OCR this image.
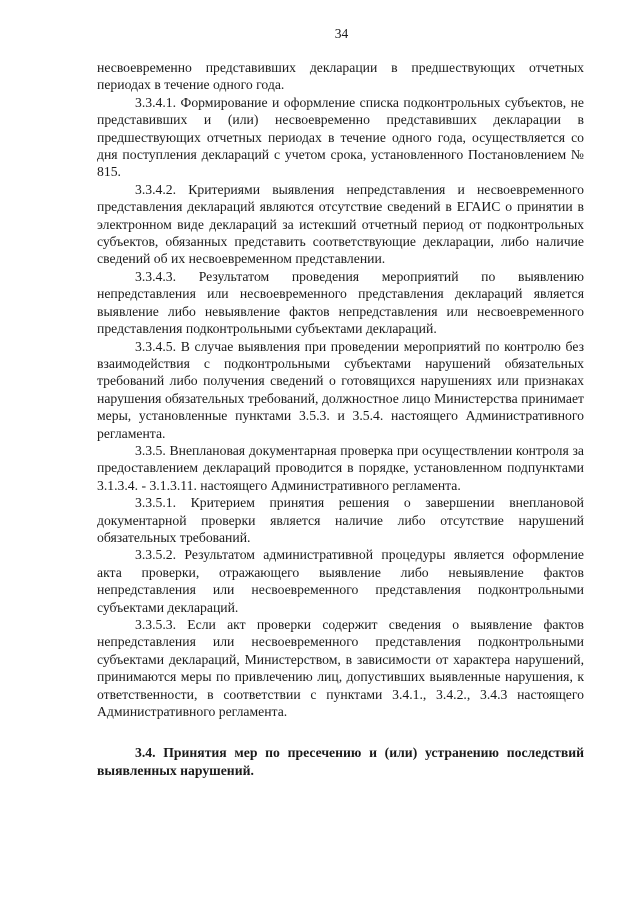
34

несвоевременно представивших декларации в предшествующих отчетных периодах в течение одного года.

3.3.4.1. Формирование и оформление списка подконтрольных субъектов, не представивших и (или) несвоевременно представивших декларации в предшествующих отчетных периодах в течение одного года, осуществляется со дня поступления деклараций с учетом срока, установленного Постановлением № 815.

3.3.4.2. Критериями выявления непредставления и несвоевременного представления деклараций являются отсутствие сведений в ЕГАИС о принятии в электронном виде деклараций за истекший отчетный период от подконтрольных субъектов, обязанных представить соответствующие декларации, либо наличие сведений об их несвоевременном представлении.

3.3.4.3. Результатом проведения мероприятий по выявлению непредставления или несвоевременного представления деклараций является выявление либо невыявление фактов непредставления или несвоевременного представления подконтрольными субъектами деклараций.

3.3.4.5. В случае выявления при проведении мероприятий по контролю без взаимодействия с подконтрольными субъектами нарушений обязательных требований либо получения сведений о готовящихся нарушениях или признаках нарушения обязательных требований, должностное лицо Министерства принимает меры, установленные пунктами 3.5.3. и 3.5.4. настоящего Административного регламента.

3.3.5. Внеплановая документарная проверка при осуществлении контроля за предоставлением деклараций проводится в порядке, установленном подпунктами 3.1.3.4. - 3.1.3.11. настоящего Административного регламента.

3.3.5.1. Критерием принятия решения о завершении внеплановой документарной проверки является наличие либо отсутствие нарушений обязательных требований.

3.3.5.2. Результатом административной процедуры является оформление акта проверки, отражающего выявление либо невыявление фактов непредставления или несвоевременного представления подконтрольными субъектами деклараций.

3.3.5.3. Если акт проверки содержит сведения о выявление фактов непредставления или несвоевременного представления подконтрольными субъектами деклараций, Министерством, в зависимости от характера нарушений, принимаются меры по привлечению лиц, допустивших выявленные нарушения, к ответственности, в соответствии с пунктами 3.4.1., 3.4.2., 3.4.3 настоящего Административного регламента.

3.4. Принятия мер по пресечению и (или) устранению последствий выявленных нарушений.
